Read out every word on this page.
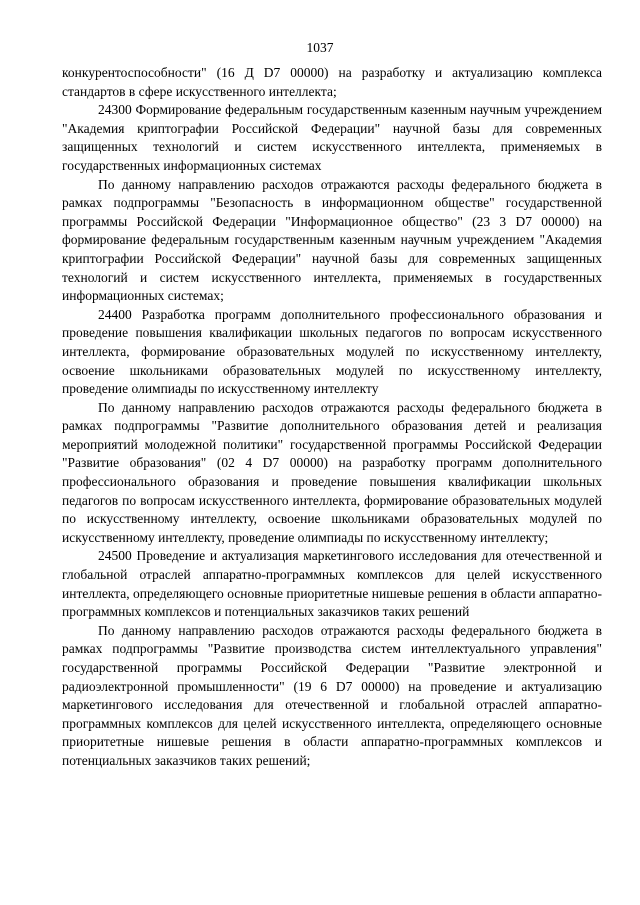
1037

конкурентоспособности" (16 Д D7 00000) на разработку и актуализацию комплекса стандартов в сфере искусственного интеллекта;

24300 Формирование федеральным государственным казенным научным учреждением "Академия криптографии Российской Федерации" научной базы для современных защищенных технологий и систем искусственного интеллекта, применяемых в государственных информационных системах

По данному направлению расходов отражаются расходы федерального бюджета в рамках подпрограммы "Безопасность в информационном обществе" государственной программы Российской Федерации "Информационное общество" (23 3 D7 00000) на формирование федеральным государственным казенным научным учреждением "Академия криптографии Российской Федерации" научной базы для современных защищенных технологий и систем искусственного интеллекта, применяемых в государственных информационных системах;

24400 Разработка программ дополнительного профессионального образования и проведение повышения квалификации школьных педагогов по вопросам искусственного интеллекта, формирование образовательных модулей по искусственному интеллекту, освоение школьниками образовательных модулей по искусственному интеллекту, проведение олимпиады по искусственному интеллекту

По данному направлению расходов отражаются расходы федерального бюджета в рамках подпрограммы "Развитие дополнительного образования детей и реализация мероприятий молодежной политики" государственной программы Российской Федерации "Развитие образования" (02 4 D7 00000) на разработку программ дополнительного профессионального образования и проведение повышения квалификации школьных педагогов по вопросам искусственного интеллекта, формирование образовательных модулей по искусственному интеллекту, освоение школьниками образовательных модулей по искусственному интеллекту, проведение олимпиады по искусственному интеллекту;

24500 Проведение и актуализация маркетингового исследования для отечественной и глобальной отраслей аппаратно-программных комплексов для целей искусственного интеллекта, определяющего основные приоритетные нишевые решения в области аппаратно-программных комплексов и потенциальных заказчиков таких решений

По данному направлению расходов отражаются расходы федерального бюджета в рамках подпрограммы "Развитие производства систем интеллектуального управления" государственной программы Российской Федерации "Развитие электронной и радиоэлектронной промышленности" (19 6 D7 00000) на проведение и актуализацию маркетингового исследования для отечественной и глобальной отраслей аппаратно-программных комплексов для целей искусственного интеллекта, определяющего основные приоритетные нишевые решения в области аппаратно-программных комплексов и потенциальных заказчиков таких решений;
